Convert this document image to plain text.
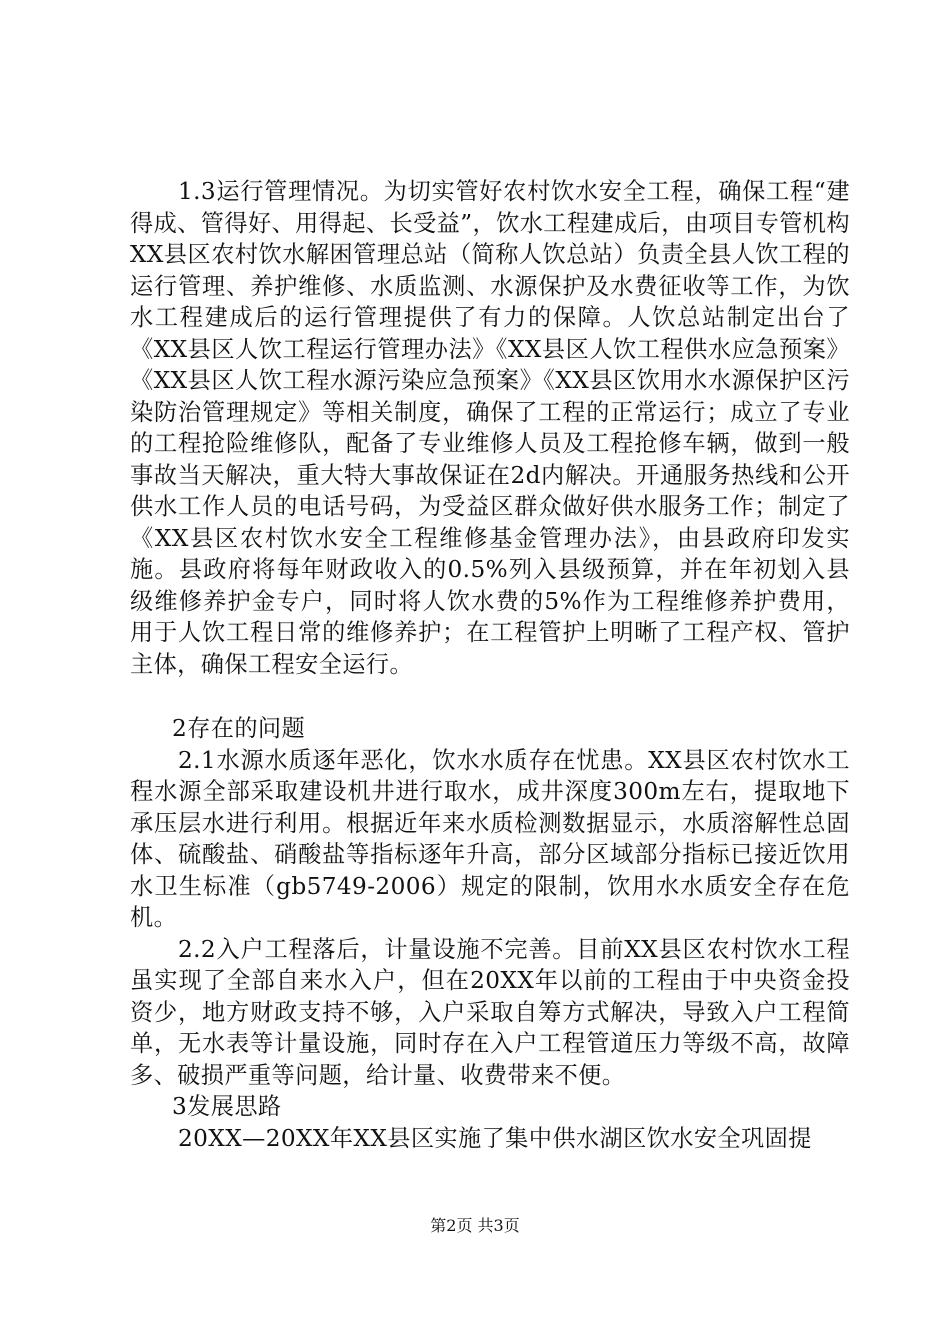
1.3运行管理情况。为切实管好农村饮水安全工程，确保工程“建得成、管得好、用得起、长受益”，饮水工程建成后，由项目专管机构XX县区农村饮水解困管理总站（简称人饮总站）负责全县人饮工程的运行管理、养护维修、水质监测、水源保护及水费征收等工作，为饮水工程建成后的运行管理提供了有力的保障。人饮总站制定出台了《XX县区人饮工程运行管理办法》《XX县区人饮工程供水应急预案》《XX县区人饮工程水源污染应急预案》《XX县区饮用水水源保护区污染防治管理规定》等相关制度，确保了工程的正常运行；成立了专业的工程抢险维修队，配备了专业维修人员及工程抢修车辆，做到一般事故当天解决，重大特大事故保证在2d内解决。开通服务热线和公开供水工作人员的电话号码，为受益区群众做好供水服务工作；制定了《XX县区农村饮水安全工程维修基金管理办法》，由县政府印发实施。县政府将每年财政收入的0.5%列入县级预算，并在年初划入县级维修养护金专户，同时将人饮水费的5%作为工程维修养护费用，用于人饮工程日常的维修养护；在工程管护上明晰了工程产权、管护主体，确保工程安全运行。

2存在的问题

2.1水源水质逐年恶化，饮水水质存在忧患。XX县区农村饮水工程水源全部采取建设机井进行取水，成井深度300m左右，提取地下承压层水进行利用。根据近年来水质检测数据显示，水质溶解性总固体、硫酸盐、硝酸盐等指标逐年升高，部分区域部分指标已接近饮用水卫生标准（gb5749-2006）规定的限制，饮用水水质安全存在危机。

2.2入户工程落后，计量设施不完善。目前XX县区农村饮水工程虽实现了全部自来水入户，但在20XX年以前的工程由于中央资金投资少，地方财政支持不够，入户采取自筹方式解决，导致入户工程简单，无水表等计量设施，同时存在入户工程管道压力等级不高，故障多、破损严重等问题，给计量、收费带来不便。

3发展思路

20XX—20XX年XX县区实施了集中供水湖区饮水安全巩固提

第2页 共3页
